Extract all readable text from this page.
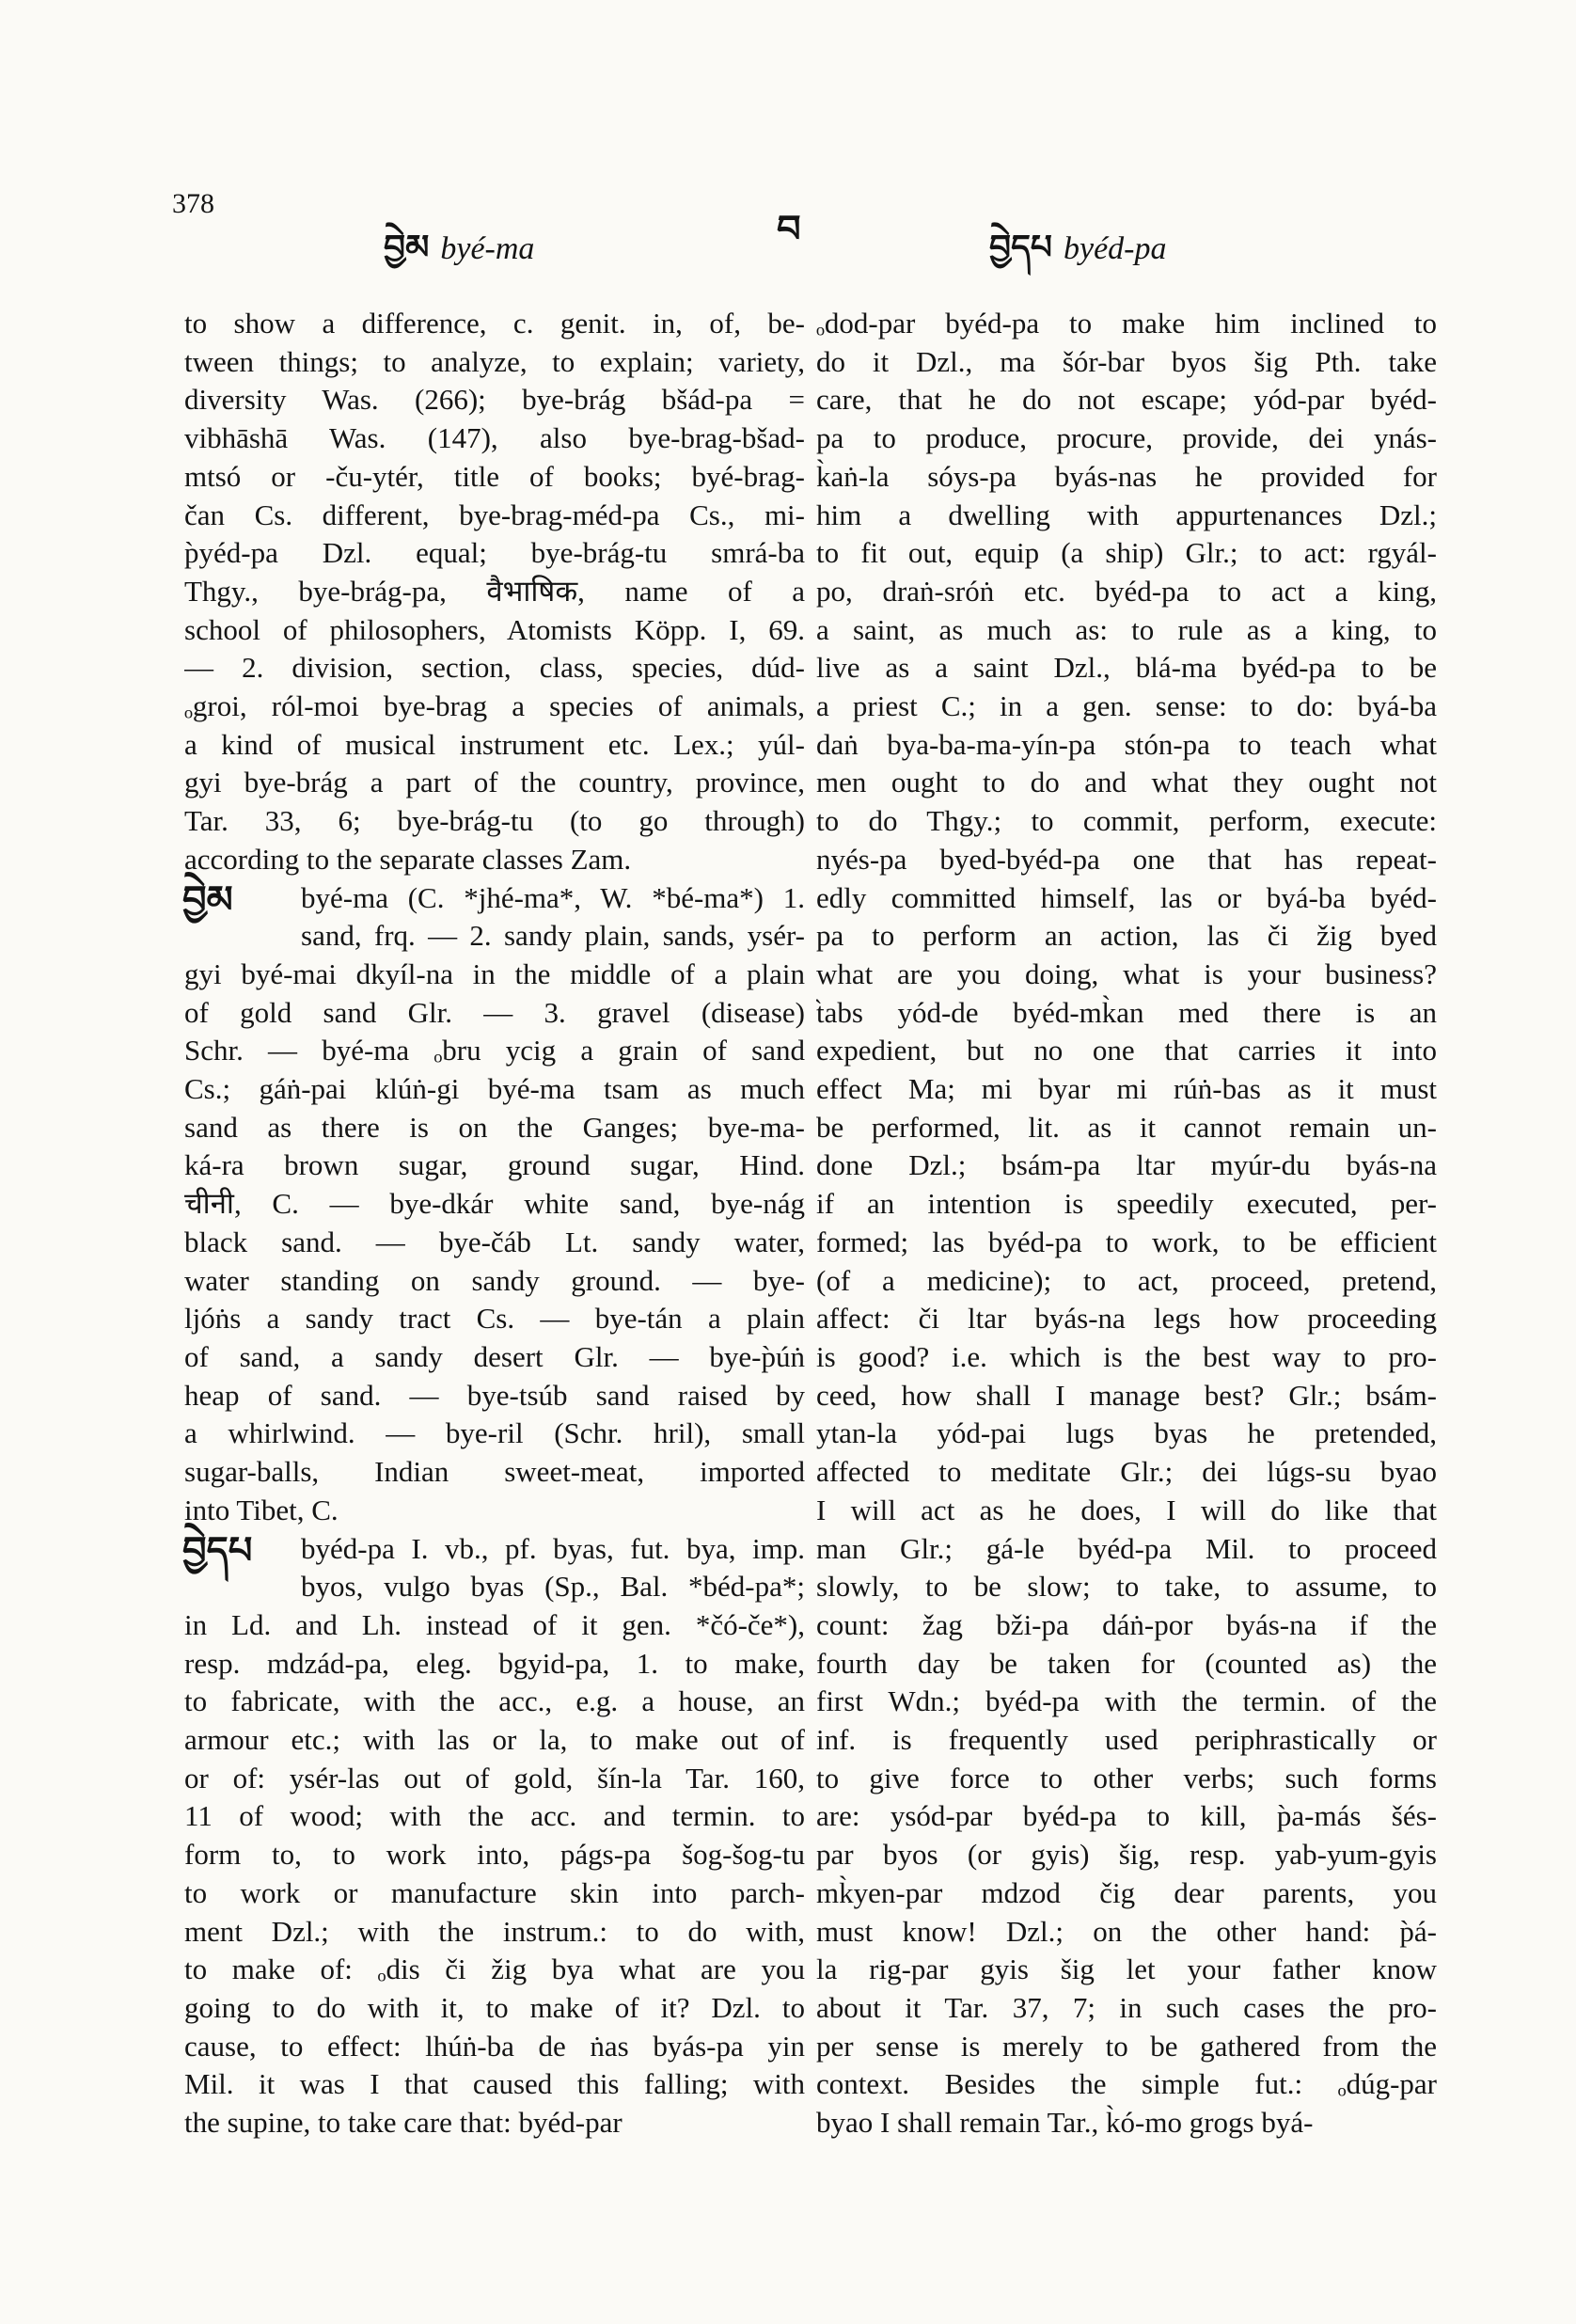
378
བ
བྱེམ byé-ma	བྱེདཔ byéd-pa

to show a difference, c. genit. in, of, be-

tween things; to analyze, to explain; variety,

diversity Was. (266); bye-brág bšád-pa =

vibhāshā Was. (147), also bye-brag-bšad-

mtsó or -ču-ytér, title of books; byé-brag-

čan Cs. different, bye-brag-méd-pa Cs., mi-

p̀yéd-pa Dzl. equal; bye-brág-tu smrá-ba

Thgy., bye-brág-pa, वैभाषिक, name of a

school of philosophers, Atomists Köpp. I, 69.

— 2. division, section, class, species, dúd-

ₒgroi, ról-moi bye-brag a species of animals,

a kind of musical instrument etc. Lex.; yúl-

gyi bye-brág a part of the country, province,

Tar. 33, 6; bye-brág-tu (to go through)

according to the separate classes Zam.

བྱེམ	byé-ma (C. *jhé-ma*, W. *bé-ma*) 1.

sand, frq. — 2. sandy plain, sands, ysér-

gyi byé-mai dkyíl-na in the middle of a plain

of gold sand Glr. — 3. gravel (disease)

Schr. — byé-ma ₒbru ycig a grain of sand

Cs.; gáṅ-pai klúṅ-gi byé-ma tsam as much

sand as there is on the Ganges; bye-ma-

ká-ra brown sugar, ground sugar, Hind.

चीनी, C. — bye-dkár white sand, bye-nág

black sand. — bye-čáb Lt. sandy water,

water standing on sandy ground. — bye-

ljóṅs a sandy tract Cs. — bye-tán a plain

of sand, a sandy desert Glr. — bye-p̀úṅ

heap of sand. — bye-tsúb sand raised by

a whirlwind. — bye-ril (Schr. hril), small

sugar-balls, Indian sweet-meat, imported

into Tibet, C.

བྱེདཔ	byéd-pa I. vb., pf. byas, fut. bya, imp.

byos, vulgo byas (Sp., Bal. *béd-pa*;

in Ld. and Lh. instead of it gen. *čó-če*),

resp. mdzád-pa, eleg. bgyid-pa, 1. to make,

to fabricate, with the acc., e.g. a house, an

armour etc.; with las or la, to make out of

or of: ysér-las out of gold, šín-la Tar. 160,

11 of wood; with the acc. and termin. to

form to, to work into, págs-pa šog-šog-tu

to work or manufacture skin into parch-

ment Dzl.; with the instrum.: to do with,

to make of: ₒdis či žig bya what are you

going to do with it, to make of it? Dzl. to

cause, to effect: lhúṅ-ba de ṅas byás-pa yin

Mil. it was I that caused this falling; with

the supine, to take care that: byéd-par

ₒdod-par byéd-pa to make him inclined to

do it Dzl., ma šór-bar byos šig Pth. take

care, that he do not escape; yód-par byéd-

pa to produce, procure, provide, dei ynás-

k̀aṅ-la sóys-pa byás-nas he provided for

him a dwelling with appurtenances Dzl.;

to fit out, equip (a ship) Glr.; to act: rgyál-

po, draṅ-sróṅ etc. byéd-pa to act a king,

a saint, as much as: to rule as a king, to

live as a saint Dzl., blá-ma byéd-pa to be

a priest C.; in a gen. sense: to do: byá-ba

daṅ bya-ba-ma-yín-pa stón-pa to teach what

men ought to do and what they ought not

to do Thgy.; to commit, perform, execute:

nyés-pa byed-byéd-pa one that has repeat-

edly committed himself, las or byá-ba byéd-

pa to perform an action, las či žig byed

what are you doing, what is your business?

t̀abs yód-de byéd-mk̀an med there is an

expedient, but no one that carries it into

effect Ma; mi byar mi rúṅ-bas as it must

be performed, lit. as it cannot remain un-

done Dzl.; bsám-pa ltar myúr-du byás-na

if an intention is speedily executed, per-

formed; las byéd-pa to work, to be efficient

(of a medicine); to act, proceed, pretend,

affect: či ltar byás-na legs how proceeding

is good? i.e. which is the best way to pro-

ceed, how shall I manage best? Glr.; bsám-

ytan-la yód-pai lugs byas he pretended,

affected to meditate Glr.; dei lúgs-su byao

I will act as he does, I will do like that

man Glr.; gá-le byéd-pa Mil. to proceed

slowly, to be slow; to take, to assume, to

count: žag bži-pa dáṅ-por byás-na if the

fourth day be taken for (counted as) the

first Wdn.; byéd-pa with the termin. of the

inf. is frequently used periphrastically or

to give force to other verbs; such forms

are: ysód-par byéd-pa to kill, p̀a-más šés-

par byos (or gyis) šig, resp. yab-yum-gyis

mk̀yen-par mdzod čig dear parents, you

must know! Dzl.; on the other hand: p̀á-

la rig-par gyis šig let your father know

about it Tar. 37, 7; in such cases the pro-

per sense is merely to be gathered from the

context. Besides the simple fut.: ₒdúg-par

byao I shall remain Tar., k̀ó-mo grogs byá-
